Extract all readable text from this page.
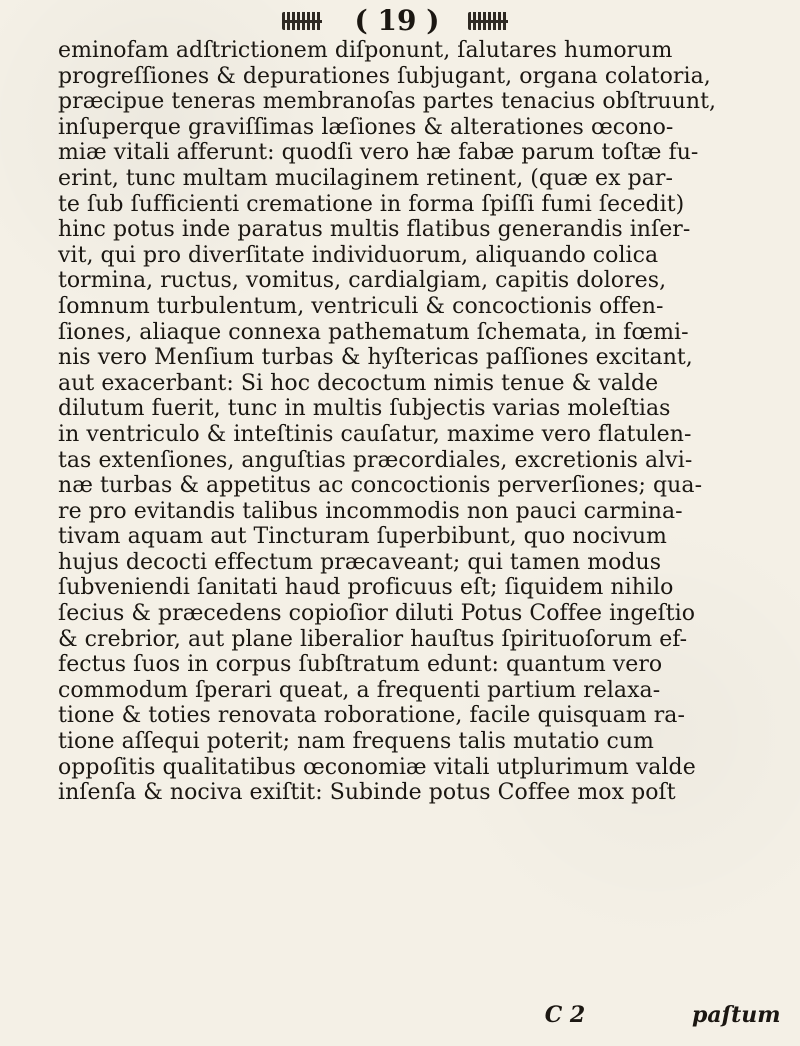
( 19 )
eminofam adſtrictionem diſponunt, ſalutares humorum
progreſſiones & depurationes ſubjugant, organa colatoria,
præcipue teneras membranoſas partes tenacius obſtruunt,
inſuperque graviſſimas læſiones & alterationes œcono-
miæ vitali afferunt: quodſi vero hæ fabæ parum toſtæ fu-
erint, tunc multam mucilaginem retinent, (quæ ex par-
te ſub ſufficienti crematione in forma ſpiſſi fumi ſecedit)
hinc potus inde paratus multis flatibus generandis inſer-
vit, qui pro diverſitate individuorum, aliquando colica
tormina, ructus, vomitus, cardialgiam, capitis dolores,
ſomnum turbulentum, ventriculi & concoctionis offen-
ſiones, aliaque connexa pathematum ſchemata, in fœmi-
nis vero Menſium turbas & hyſtericas paſſiones excitant,
aut exacerbant: Si hoc decoctum nimis tenue & valde
dilutum fuerit, tunc in multis ſubjectis varias moleſtias
in ventriculo & inteſtinis cauſatur, maxime vero flatulen-
tas extenſiones, anguſtias præcordiales, excretionis alvi-
næ turbas & appetitus ac concoctionis perverſiones; qua-
re pro evitandis talibus incommodis non pauci carmina-
tivam aquam aut Tincturam ſuperbibunt, quo nocivum
hujus decocti effectum præcaveant; qui tamen modus
ſubveniendi ſanitati haud proficuus eſt; ſiquidem nihilo
ſecius & præcedens copioſior diluti Potus Coffee ingeſtio
& crebrior, aut plane liberalior hauſtus ſpirituoſorum ef-
fectus ſuos in corpus ſubſtratum edunt: quantum vero
commodum ſperari queat, a frequenti partium relaxa-
tione & toties renovata roboratione, facile quisquam ra-
tione aſſequi poterit; nam frequens talis mutatio cum
oppoſitis qualitatibus œconomiæ vitali utplurimum valde
inſenſa & nociva exiſtit: Subinde potus Coffee mox poſt
C 2	paſtum
